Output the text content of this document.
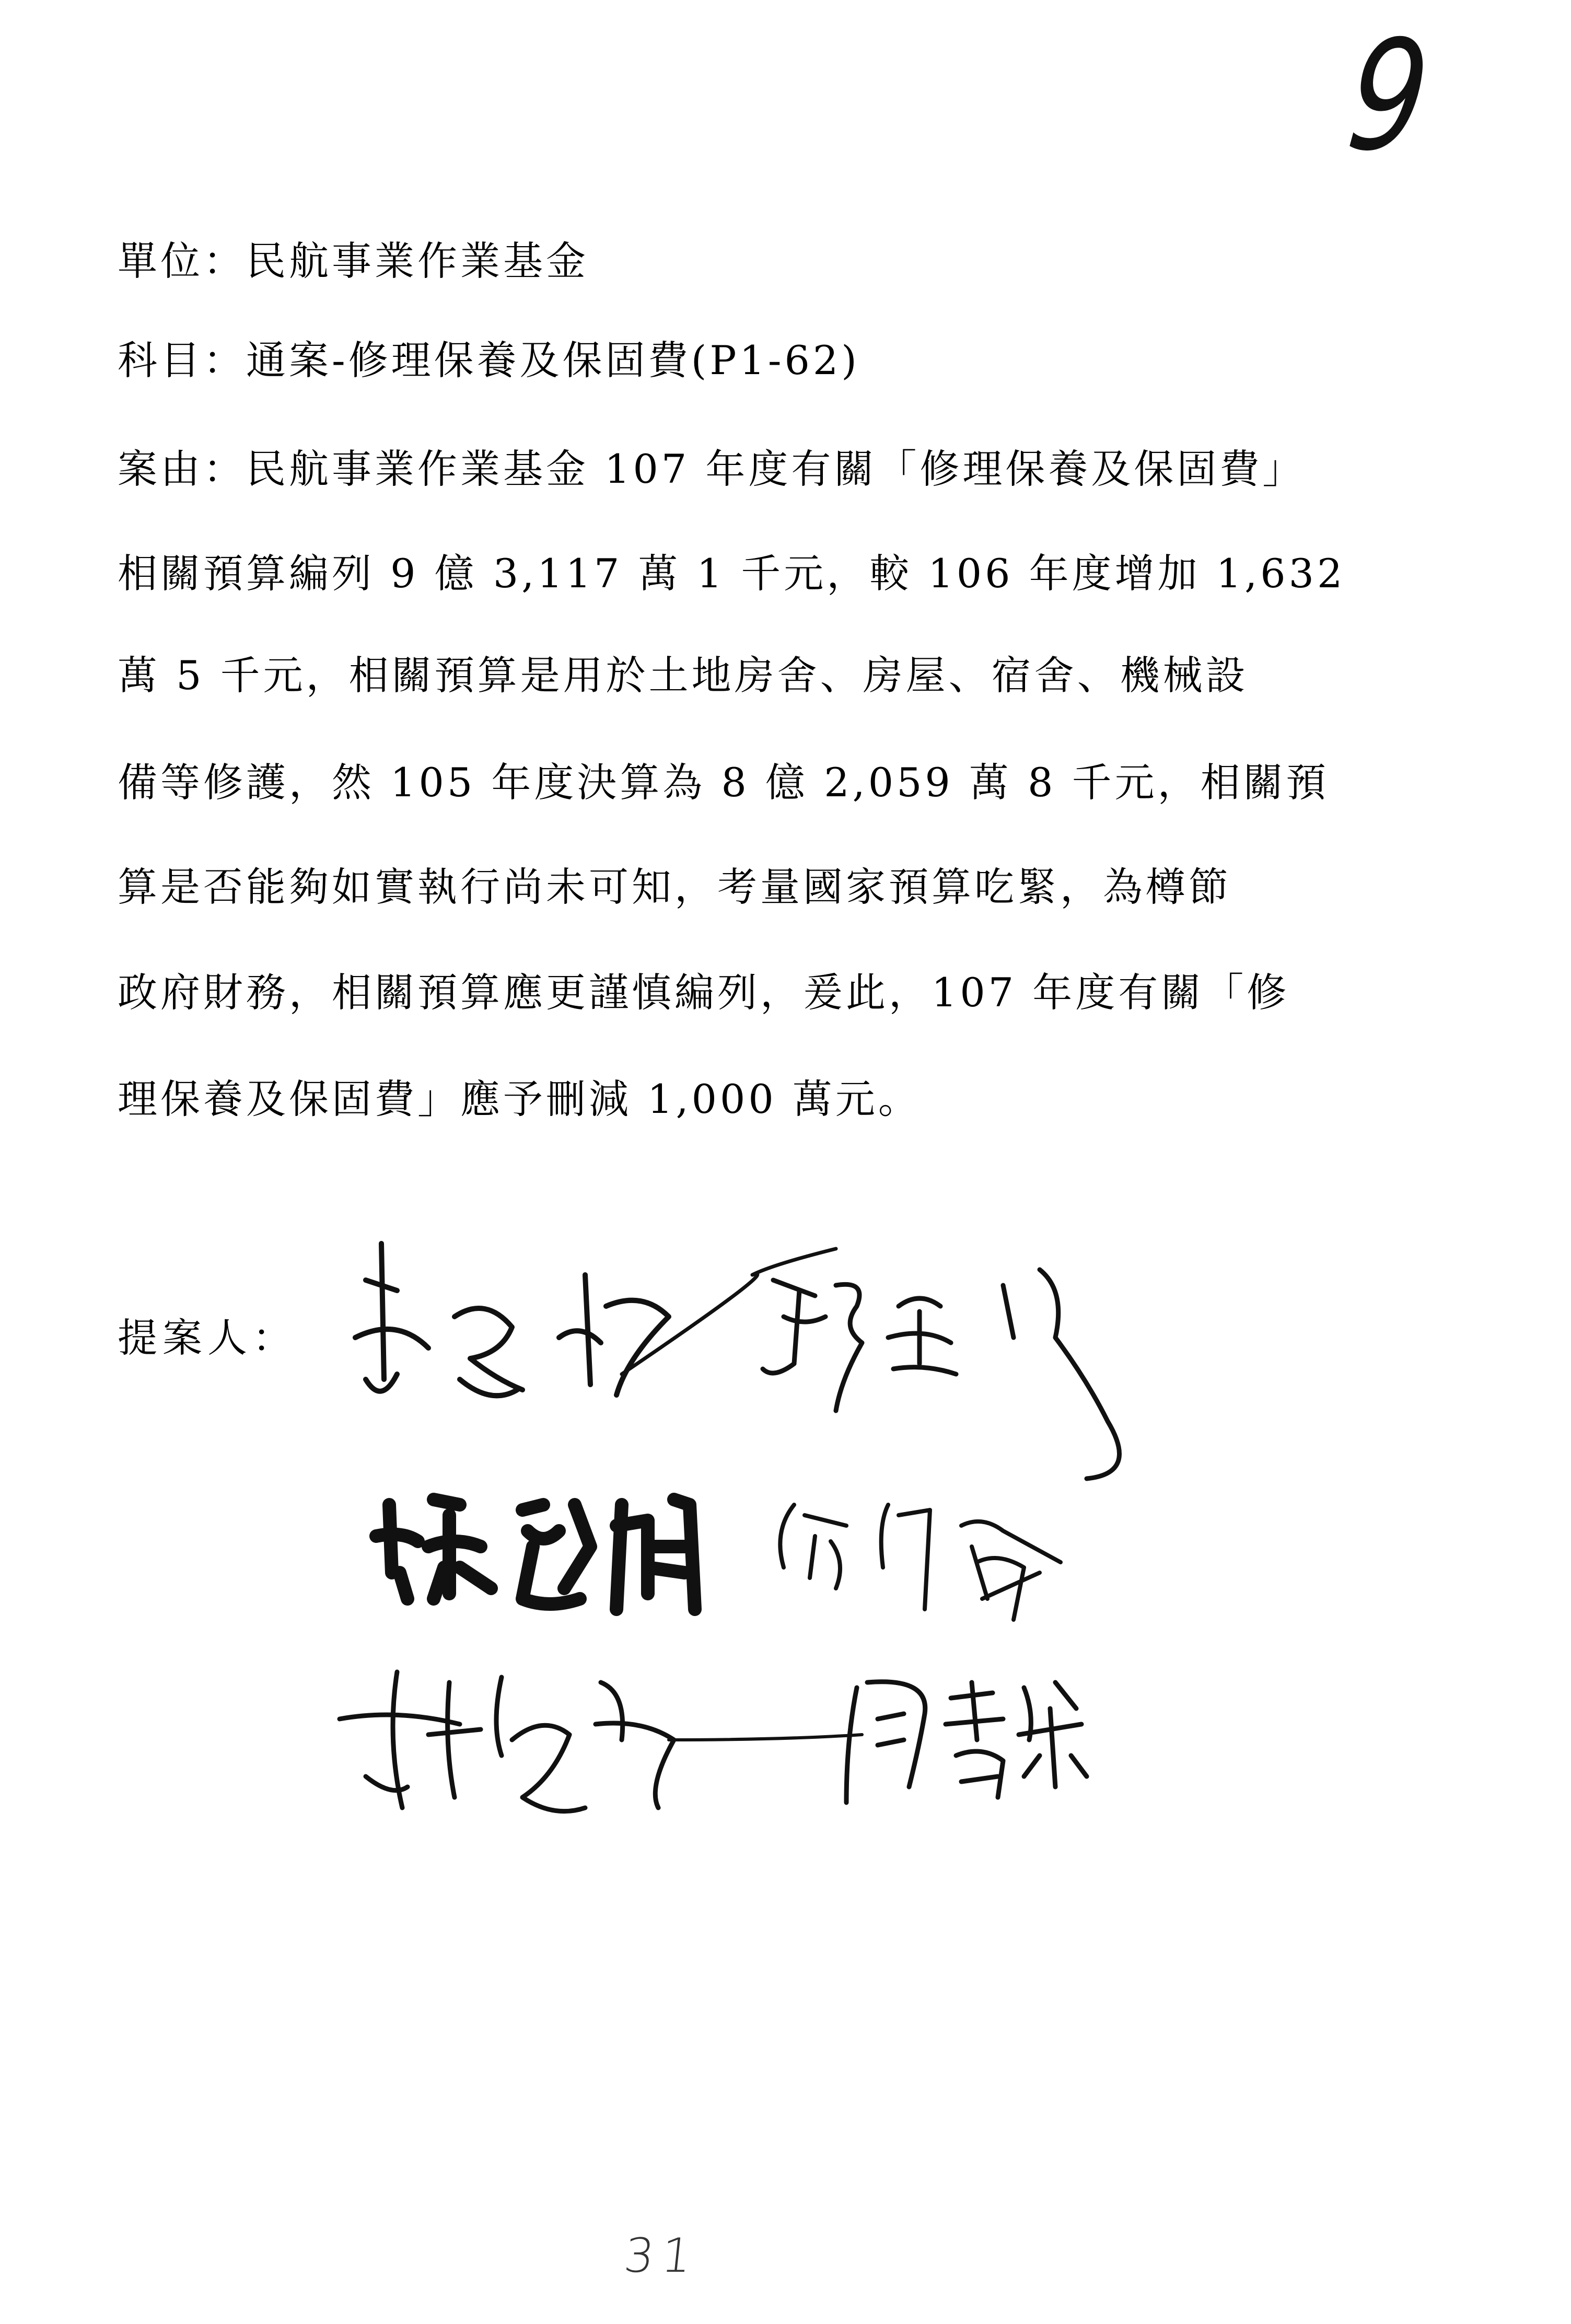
9
單位：民航事業作業基金
科目：通案-修理保養及保固費(P1-62)
案由：民航事業作業基金 107 年度有關「修理保養及保固費」
相關預算編列 9 億 3,117 萬 1 千元，較 106 年度增加 1,632
萬 5 千元，相關預算是用於土地房舍、房屋、宿舍、機械設
備等修護，然 105 年度決算為 8 億 2,059 萬 8 千元，相關預
算是否能夠如實執行尚未可知，考量國家預算吃緊，為樽節
政府財務，相關預算應更謹慎編列，爰此，107 年度有關「修
理保養及保固費」應予刪減 1,000 萬元。
提案人：
李昆澤
31
